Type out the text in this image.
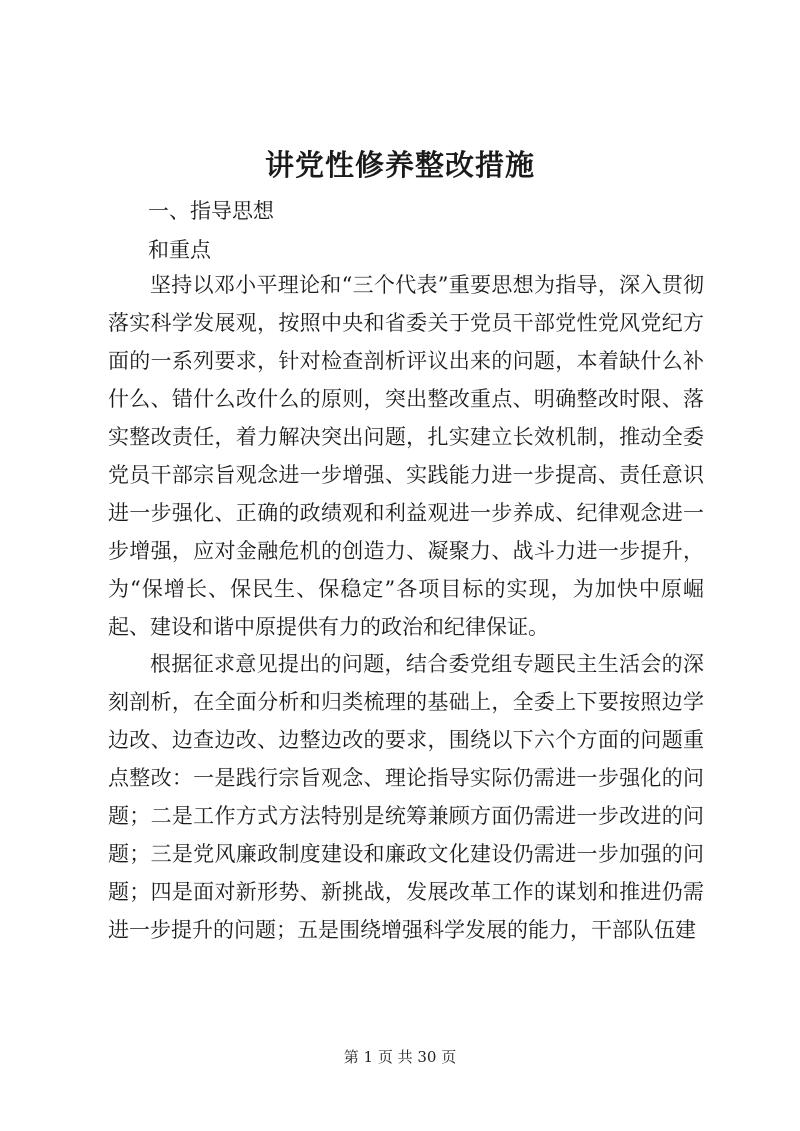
讲党性修养整改措施

一、指导思想

和重点

坚持以邓小平理论和“三个代表”重要思想为指导，深入贯彻落实科学发展观，按照中央和省委关于党员干部党性党风党纪方面的一系列要求，针对检查剖析评议出来的问题，本着缺什么补什么、错什么改什么的原则，突出整改重点、明确整改时限、落实整改责任，着力解决突出问题，扎实建立长效机制，推动全委党员干部宗旨观念进一步增强、实践能力进一步提高、责任意识进一步强化、正确的政绩观和利益观进一步养成、纪律观念进一步增强，应对金融危机的创造力、凝聚力、战斗力进一步提升，为“保增长、保民生、保稳定”各项目标的实现，为加快中原崛起、建设和谐中原提供有力的政治和纪律保证。

根据征求意见提出的问题，结合委党组专题民主生活会的深刻剖析，在全面分析和归类梳理的基础上，全委上下要按照边学边改、边查边改、边整边改的要求，围绕以下六个方面的问题重点整改：一是践行宗旨观念、理论指导实际仍需进一步强化的问题；二是工作方式方法特别是统筹兼顾方面仍需进一步改进的问题；三是党风廉政制度建设和廉政文化建设仍需进一步加强的问题；四是面对新形势、新挑战，发展改革工作的谋划和推进仍需进一步提升的问题；五是围绕增强科学发展的能力，干部队伍建

第 1 页 共 30 页
